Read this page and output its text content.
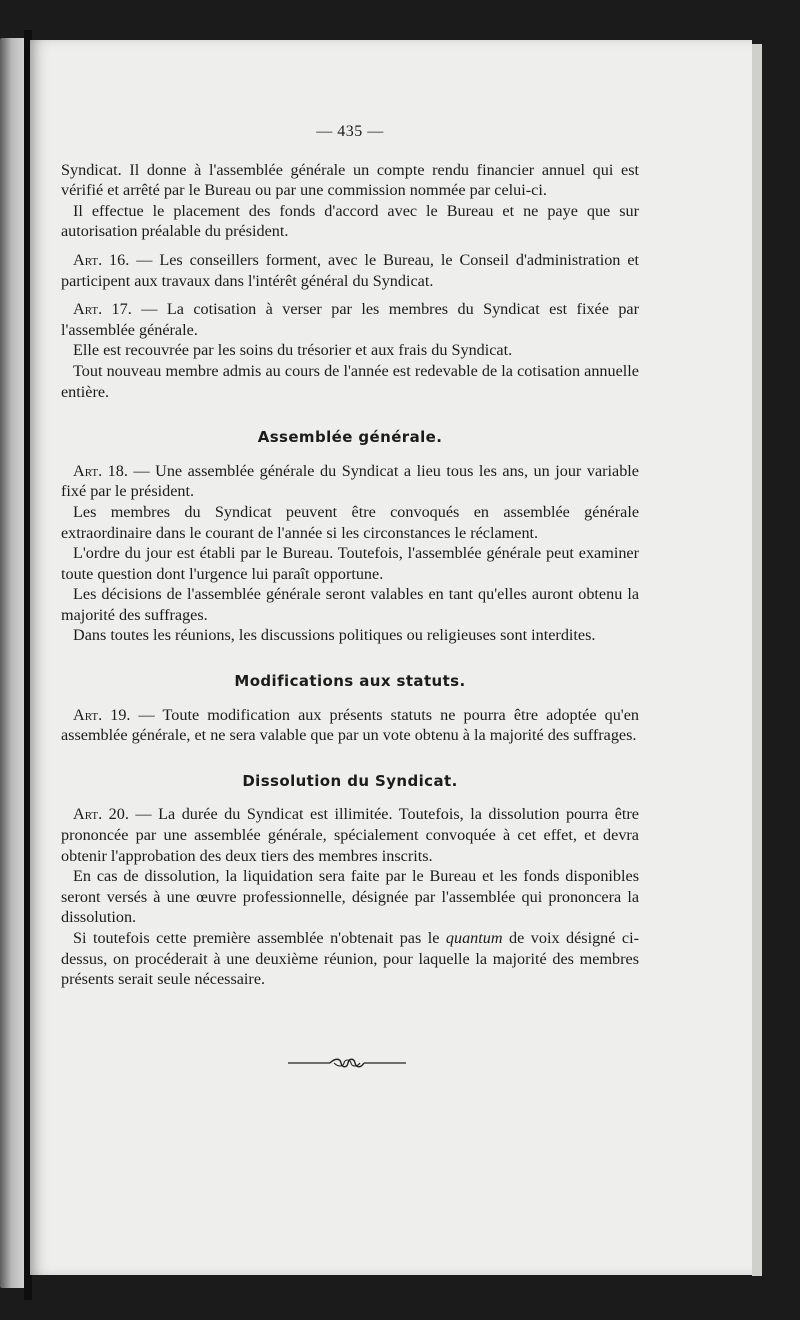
— 435 —

Syndicat. Il donne à l'assemblée générale un compte rendu financier annuel qui est vérifié et arrêté par le Bureau ou par une commission nommée par celui-ci.

Il effectue le placement des fonds d'accord avec le Bureau et ne paye que sur autorisation préalable du président.

Art. 16. — Les conseillers forment, avec le Bureau, le Conseil d'administration et participent aux travaux dans l'intérêt général du Syndicat.

Art. 17. — La cotisation à verser par les membres du Syndicat est fixée par l'assemblée générale.

Elle est recouvrée par les soins du trésorier et aux frais du Syndicat.

Tout nouveau membre admis au cours de l'année est redevable de la cotisation annuelle entière.

Assemblée générale.

Art. 18. — Une assemblée générale du Syndicat a lieu tous les ans, un jour variable fixé par le président.

Les membres du Syndicat peuvent être convoqués en assemblée générale extraordinaire dans le courant de l'année si les circonstances le réclament.

L'ordre du jour est établi par le Bureau. Toutefois, l'assemblée générale peut examiner toute question dont l'urgence lui paraît opportune.

Les décisions de l'assemblée générale seront valables en tant qu'elles auront obtenu la majorité des suffrages.

Dans toutes les réunions, les discussions politiques ou religieuses sont interdites.

Modifications aux statuts.

Art. 19. — Toute modification aux présents statuts ne pourra être adoptée qu'en assemblée générale, et ne sera valable que par un vote obtenu à la majorité des suffrages.

Dissolution du Syndicat.

Art. 20. — La durée du Syndicat est illimitée. Toutefois, la dissolution pourra être prononcée par une assemblée générale, spécialement convoquée à cet effet, et devra obtenir l'approbation des deux tiers des membres inscrits.

En cas de dissolution, la liquidation sera faite par le Bureau et les fonds disponibles seront versés à une œuvre professionnelle, désignée par l'assemblée qui prononcera la dissolution.

Si toutefois cette première assemblée n'obtenait pas le quantum de voix désigné ci-dessus, on procéderait à une deuxième réunion, pour laquelle la majorité des membres présents serait seule nécessaire.
